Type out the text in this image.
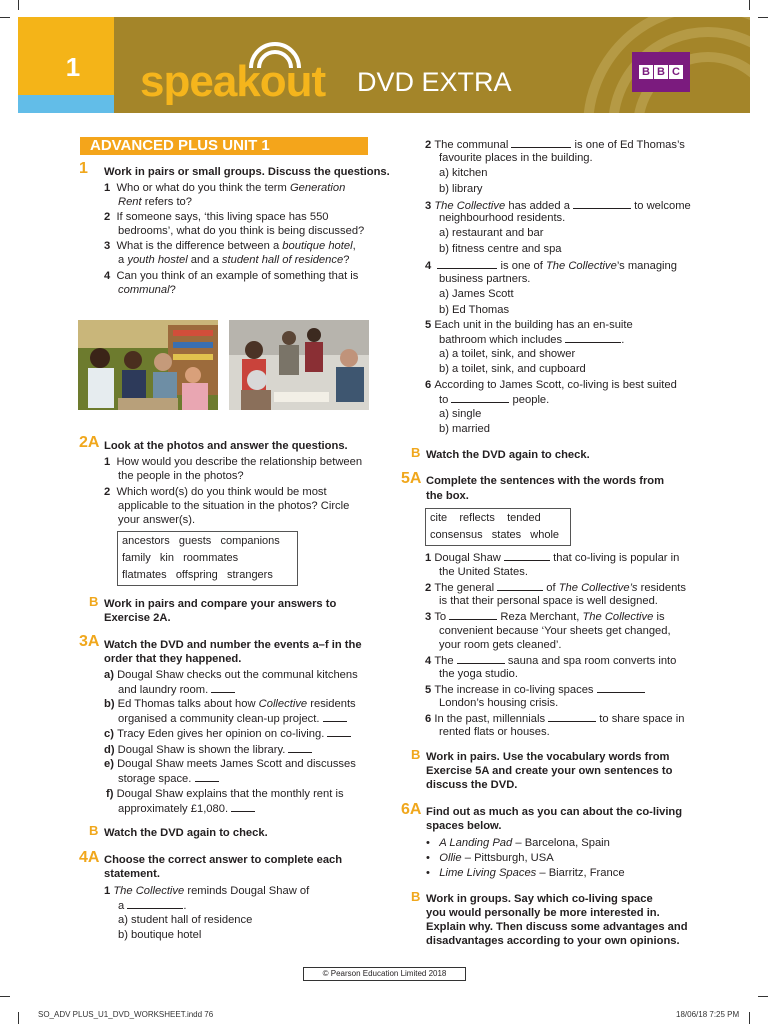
1	speakout DVD EXTRA	B B C
ADVANCED PLUS UNIT 1
1 Work in pairs or small groups. Discuss the questions.
1 Who or what do you think the term Generation
Rent refers to?
2 If someone says, ‘this living space has 550
bedrooms’, what do you think is being discussed?
3 What is the difference between a boutique hotel,
a youth hostel and a student hall of residence?
4 Can you think of an example of something that is
communal?
2A Look at the photos and answer the questions.
1 How would you describe the relationship between
the people in the photos?
2 Which word(s) do you think would be most
applicable to the situation in the photos? Circle
your answer(s).
ancestors guests companions
family kin roommates
flatmates offspring strangers
B Work in pairs and compare your answers to
Exercise 2A.
3A Watch the DVD and number the events a–f in the
order that they happened.
a) Dougal Shaw checks out the communal kitchens
and laundry room.
b) Ed Thomas talks about how Collective residents
organised a community clean-up project.
c) Tracy Eden gives her opinion on co-living.
d) Dougal Shaw is shown the library.
e) Dougal Shaw meets James Scott and discusses
storage space.
f) Dougal Shaw explains that the monthly rent is
approximately £1,080.
B Watch the DVD again to check.
4A Choose the correct answer to complete each
statement.
1 The Collective reminds Dougal Shaw of
a	.
a) student hall of residence
b) boutique hotel
2 The communal	is one of Ed Thomas’s
favourite places in the building.
a) kitchen
b) library
3 The Collective has added a	to welcome
neighbourhood residents.
a) restaurant and bar
b) fitness centre and spa
4	is one of The Collective’s managing
business partners.
a) James Scott
b) Ed Thomas
5 Each unit in the building has an en-suite
bathroom which includes	.
a) a toilet, sink, and shower
b) a toilet, sink, and cupboard
6 According to James Scott, co-living is best suited
to	people.
a) single
b) married
B Watch the DVD again to check.
5A Complete the sentences with the words from
the box.
cite reflects tended
consensus states whole
1 Dougal Shaw	that co-living is popular in
the United States.
2 The general	of The Collective’s residents
is that their personal space is well designed.
3 To	Reza Merchant, The Collective is
convenient because ‘Your sheets get changed,
your room gets cleaned’.
4 The	sauna and spa room converts into
the yoga studio.
5 The increase in co-living spaces
London’s housing crisis.
6 In the past, millennials	to share space in
rented flats or houses.
B Work in pairs. Use the vocabulary words from
Exercise 5A and create your own sentences to
discuss the DVD.
6A Find out as much as you can about the co-living
spaces below.
•   A Landing Pad – Barcelona, Spain
•   Ollie – Pittsburgh, USA
•   Lime Living Spaces – Biarritz, France
B Work in groups. Say which co-living space
you would personally be more interested in.
Explain why. Then discuss some advantages and
disadvantages according to your own opinions.
© Pearson Education Limited 2018
SO_ADV PLUS_U1_DVD_WORKSHEET.indd 76	18/06/18 7:25 PM
